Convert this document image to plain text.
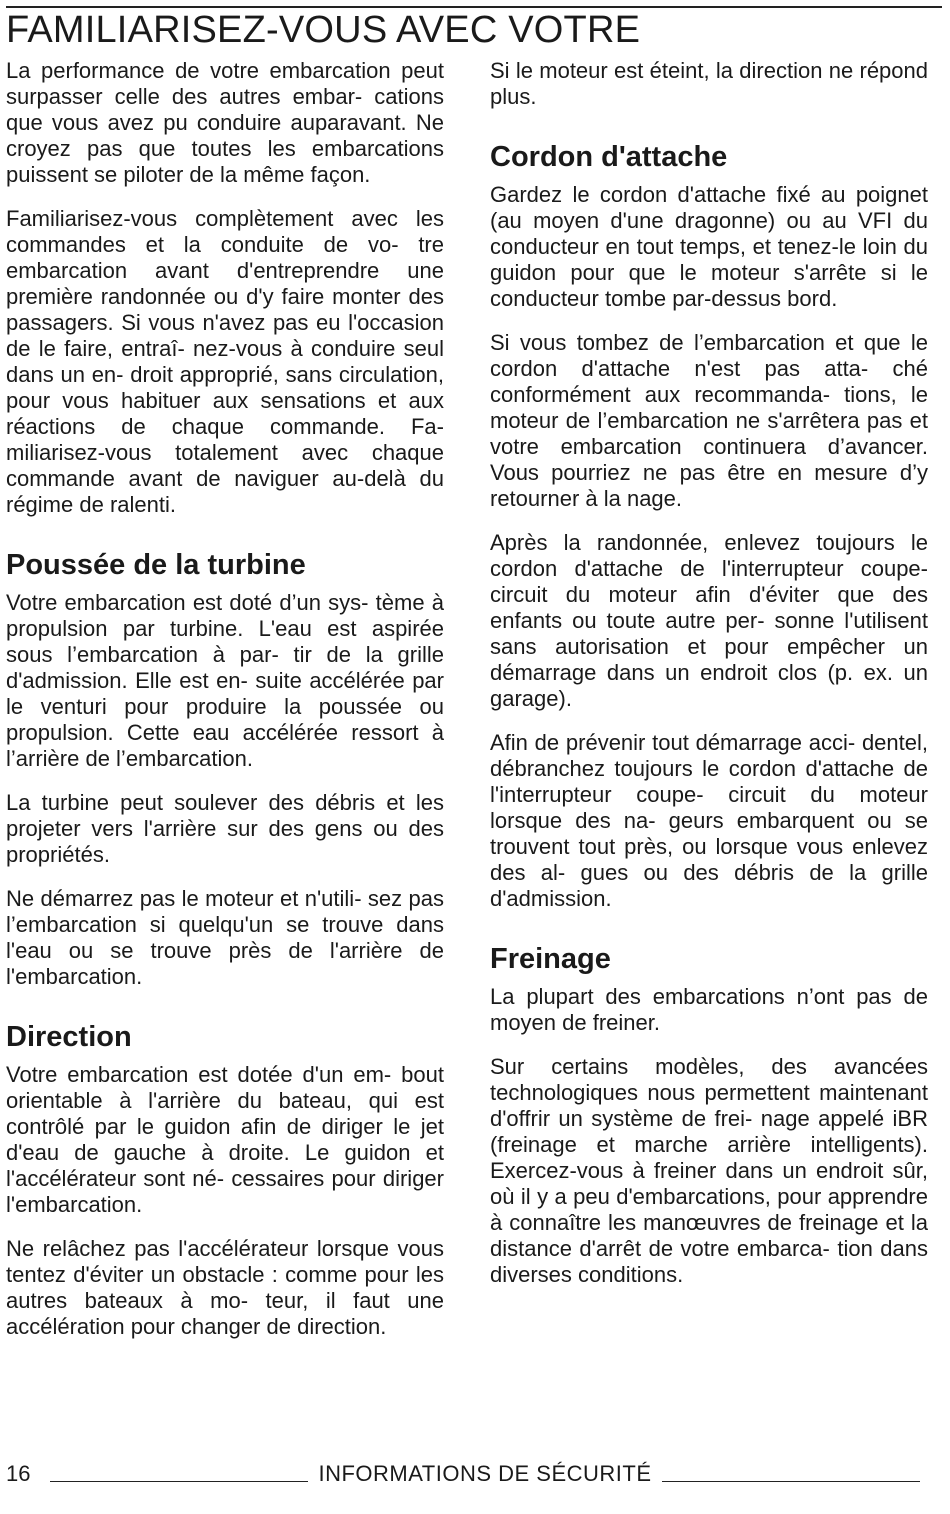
FAMILIARISEZ-VOUS AVEC VOTRE

La performance de votre embarcation peut surpasser celle des autres embar- cations que vous avez pu conduire auparavant. Ne croyez pas que toutes les embarcations puissent se piloter de la même façon.

Familiarisez-vous complètement avec les commandes et la conduite de vo- tre embarcation avant d'entreprendre une première randonnée ou d'y faire monter des passagers. Si vous n'avez pas eu l'occasion de le faire, entraî- nez-vous à conduire seul dans un en- droit approprié, sans circulation, pour vous habituer aux sensations et aux réactions de chaque commande. Fa- miliarisez-vous totalement avec chaque commande avant de naviguer au-delà du régime de ralenti.

Poussée de la turbine

Votre embarcation est doté d’un sys- tème à propulsion par turbine. L'eau est aspirée sous l’embarcation à par- tir de la grille d'admission. Elle est en- suite accélérée par le venturi pour produire la poussée ou propulsion. Cette eau accélérée ressort à l’arrière de l’embarcation.

La turbine peut soulever des débris et les projeter vers l'arrière sur des gens ou des propriétés.

Ne démarrez pas le moteur et n'utili- sez pas l’embarcation si quelqu'un se trouve dans l'eau ou se trouve près de l'arrière de l'embarcation.

Direction

Votre embarcation est dotée d'un em- bout orientable à l'arrière du bateau, qui est contrôlé par le guidon afin de diriger le jet d'eau de gauche à droite. Le guidon et l'accélérateur sont né- cessaires pour diriger l'embarcation.

Ne relâchez pas l'accélérateur lorsque vous tentez d'éviter un obstacle : comme pour les autres bateaux à mo- teur, il faut une accélération pour changer de direction.

Si le moteur est éteint, la direction ne répond plus.

Cordon d'attache

Gardez le cordon d'attache fixé au poignet (au moyen d'une dragonne) ou au VFI du conducteur en tout temps, et tenez-le loin du guidon pour que le moteur s'arrête si le conducteur tombe par-dessus bord.

Si vous tombez de l’embarcation et que le cordon d'attache n'est pas atta- ché conformément aux recommanda- tions, le moteur de l’embarcation ne s'arrêtera pas et votre embarcation continuera d’avancer. Vous pourriez ne pas être en mesure d’y retourner à la nage.

Après la randonnée, enlevez toujours le cordon d'attache de l'interrupteur coupe-circuit du moteur afin d'éviter que des enfants ou toute autre per- sonne l'utilisent sans autorisation et pour empêcher un démarrage dans un endroit clos (p. ex. un garage).

Afin de prévenir tout démarrage acci- dentel, débranchez toujours le cordon d'attache de l'interrupteur coupe- circuit du moteur lorsque des na- geurs embarquent ou se trouvent tout près, ou lorsque vous enlevez des al- gues ou des débris de la grille d'admission.

Freinage

La plupart des embarcations n’ont pas de moyen de freiner.

Sur certains modèles, des avancées technologiques nous permettent maintenant d'offrir un système de frei- nage appelé iBR (freinage et marche arrière intelligents). Exercez-vous à freiner dans un endroit sûr, où il y a peu d'embarcations, pour apprendre à connaître les manœuvres de freinage et la distance d'arrêt de votre embarca- tion dans diverses conditions.

16	INFORMATIONS DE SÉCURITÉ
